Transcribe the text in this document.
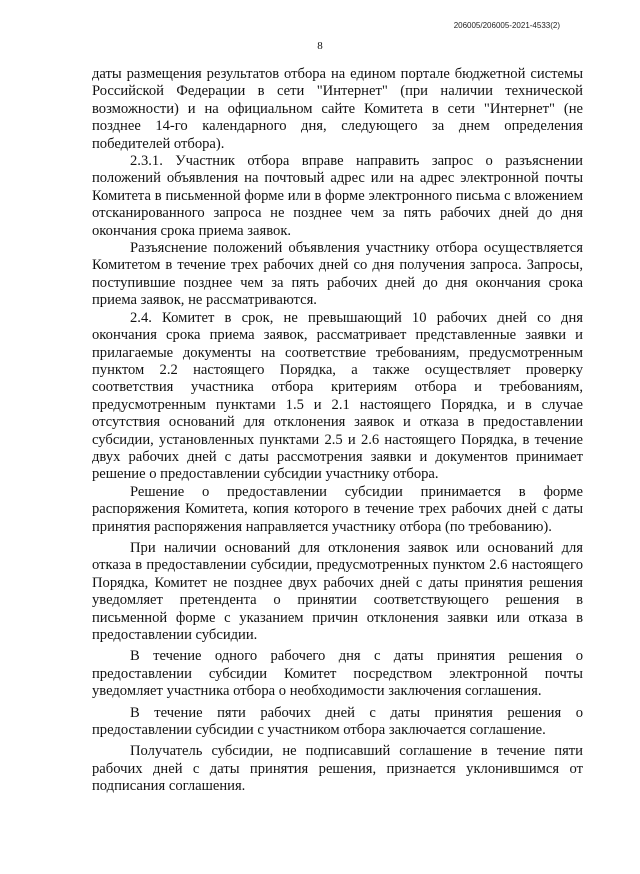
206005/206005-2021-4533(2)
8

даты размещения результатов отбора на едином портале бюджетной системы Российской Федерации в сети "Интернет" (при наличии технической возможности) и на официальном сайте Комитета в сети "Интернет" (не позднее 14-го календарного дня, следующего за днем определения победителей отбора).

2.3.1. Участник отбора вправе направить запрос о разъяснении положений объявления на почтовый адрес или на адрес электронной почты Комитета в письменной форме или в форме электронного письма с вложением отсканированного запроса не позднее чем за пять рабочих дней до дня окончания срока приема заявок.

Разъяснение положений объявления участнику отбора осуществляется Комитетом в течение трех рабочих дней со дня получения запроса. Запросы, поступившие позднее чем за пять рабочих дней до дня окончания срока приема заявок, не рассматриваются.

2.4. Комитет в срок, не превышающий 10 рабочих дней со дня окончания срока приема заявок, рассматривает представленные заявки и прилагаемые документы на соответствие требованиям, предусмотренным пунктом 2.2 настоящего Порядка, а также осуществляет проверку соответствия участника отбора критериям отбора и требованиям, предусмотренным пунктами 1.5 и 2.1 настоящего Порядка, и в случае отсутствия оснований для отклонения заявок и отказа в предоставлении субсидии, установленных пунктами 2.5 и 2.6 настоящего Порядка, в течение двух рабочих дней с даты рассмотрения заявки и документов принимает решение о предоставлении субсидии участнику отбора.

Решение о предоставлении субсидии принимается в форме распоряжения Комитета, копия которого в течение трех рабочих дней с даты принятия распоряжения направляется участнику отбора (по требованию).

При наличии оснований для отклонения заявок или оснований для отказа в предоставлении субсидии, предусмотренных пунктом 2.6 настоящего Порядка, Комитет не позднее двух рабочих дней с даты принятия решения уведомляет претендента о принятии соответствующего решения в письменной форме с указанием причин отклонения заявки или отказа в предоставлении субсидии.

В течение одного рабочего дня с даты принятия решения о предоставлении субсидии Комитет посредством электронной почты уведомляет участника отбора о необходимости заключения соглашения.

В течение пяти рабочих дней с даты принятия решения о предоставлении субсидии с участником отбора заключается соглашение.

Получатель субсидии, не подписавший соглашение в течение пяти рабочих дней с даты принятия решения, признается уклонившимся от подписания соглашения.
